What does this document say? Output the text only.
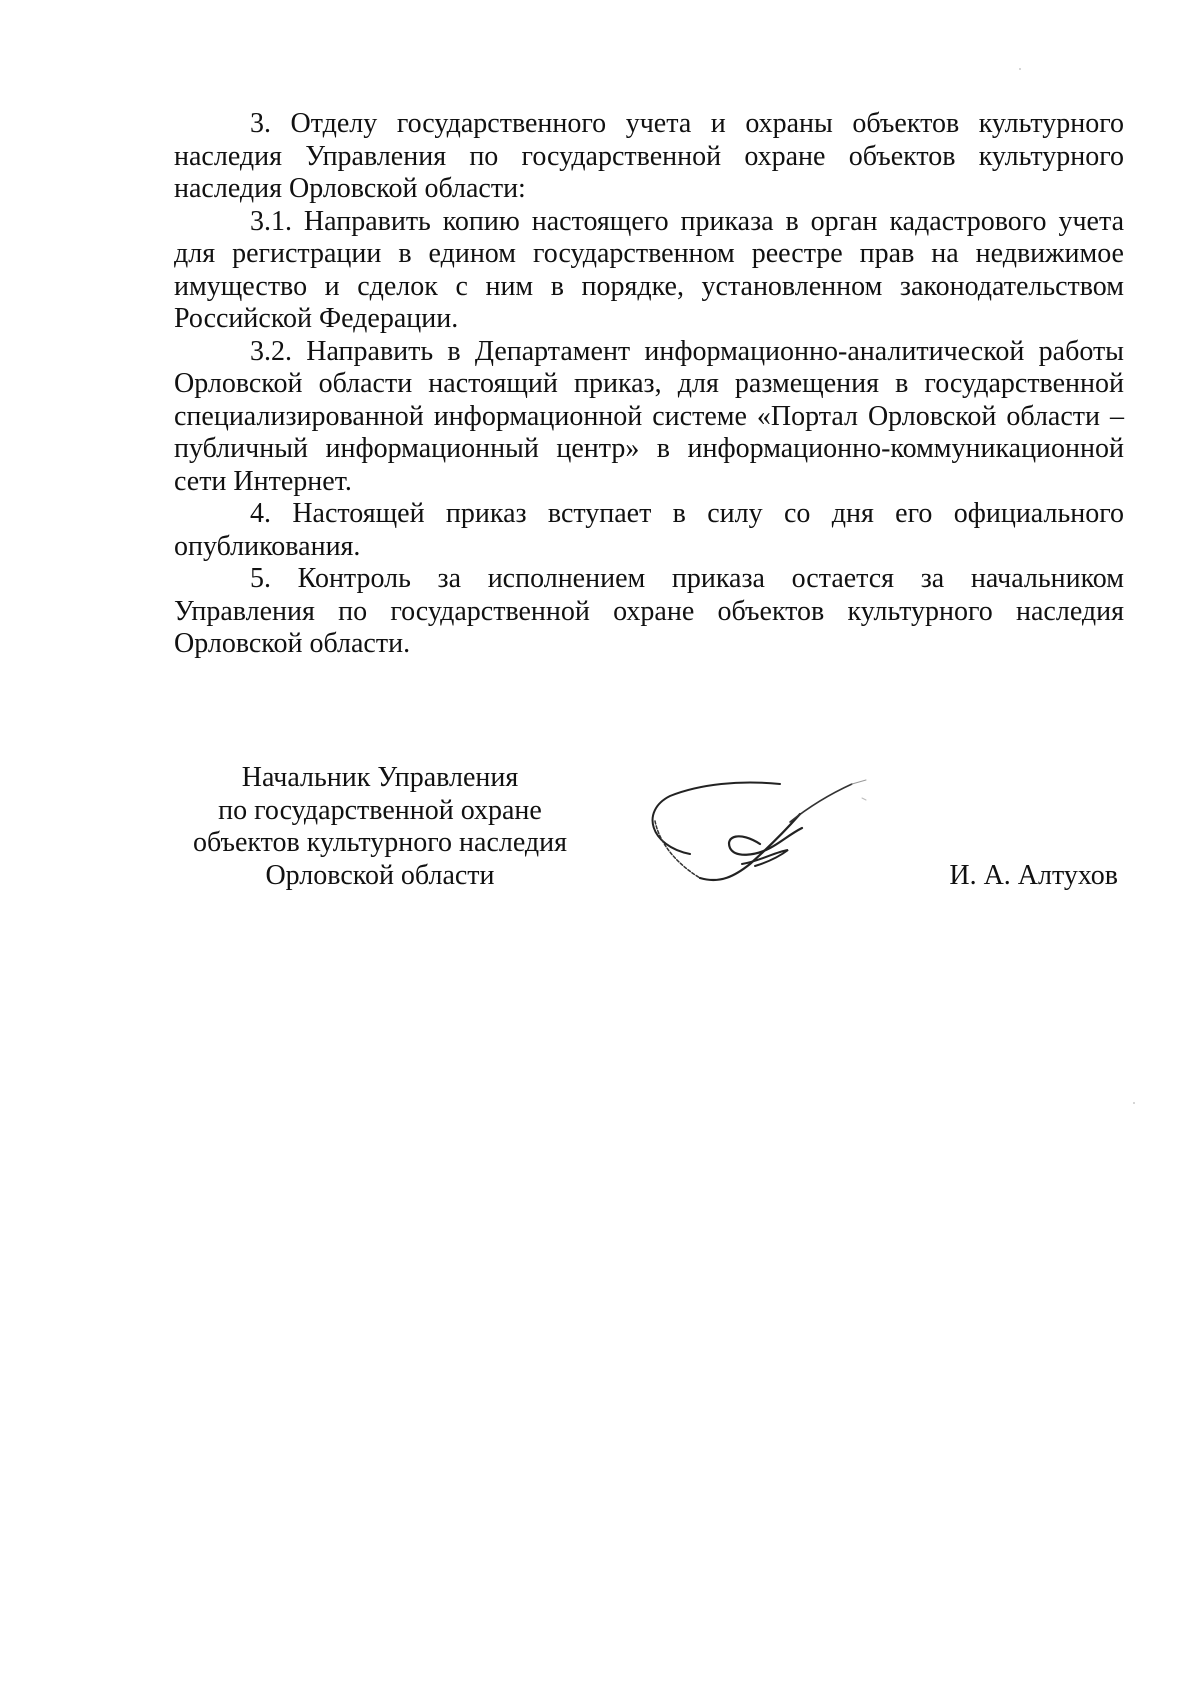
3. Отделу государственного учета и охраны объектов культурного наследия Управления по государственной охране объектов культурного наследия Орловской области:

3.1. Направить копию настоящего приказа в орган кадастрового учета для регистрации в едином государственном реестре прав на недвижимое имущество и сделок с ним в порядке, установленном законодательством Российской Федерации.

3.2. Направить в Департамент информационно-аналитической работы Орловской области настоящий приказ, для размещения в государственной специализированной информационной системе «Портал Орловской области – публичный информационный центр» в информационно-коммуникационной сети Интернет.

4. Настоящей приказ вступает в силу со дня его официального опубликования.

5. Контроль за исполнением приказа остается за начальником Управления по государственной охране объектов культурного наследия Орловской области.

Начальник Управления
по государственной охране
объектов культурного наследия
Орловской области	И. А. Алтухов
